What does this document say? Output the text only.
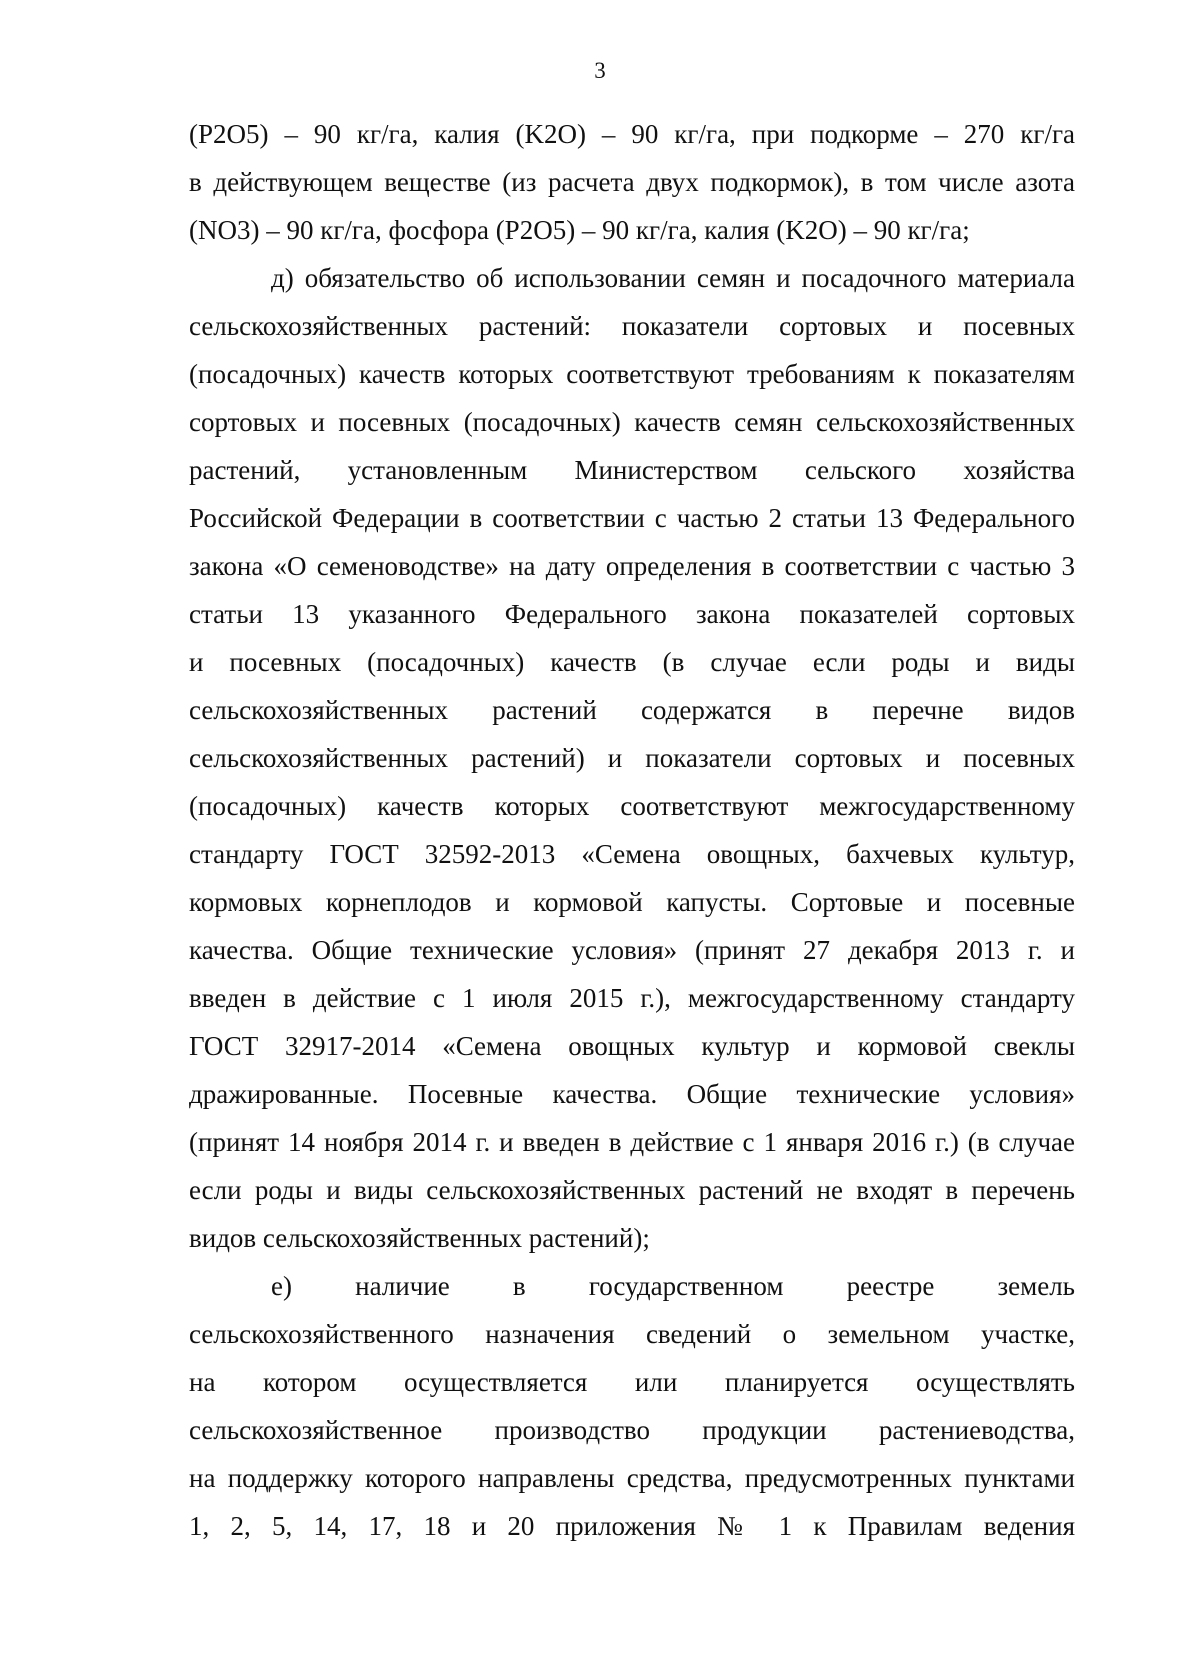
3

(P2O5) – 90 кг/га, калия (K2O) – 90 кг/га, при подкорме – 270 кг/га
в действующем веществе (из расчета двух подкормок), в том числе азота
(NO3) – 90 кг/га, фосфора (P2O5) – 90 кг/га, калия (K2O) – 90 кг/га;

д) обязательство об использовании семян и посадочного материала
сельскохозяйственных растений: показатели сортовых и посевных
(посадочных) качеств которых соответствуют требованиям к показателям
сортовых и посевных (посадочных) качеств семян сельскохозяйственных
растений, установленным Министерством сельского хозяйства
Российской Федерации в соответствии с частью 2 статьи 13 Федерального
закона «О семеноводстве» на дату определения в соответствии с частью 3
статьи 13 указанного Федерального закона показателей сортовых
и посевных (посадочных) качеств (в случае если роды и виды
сельскохозяйственных растений содержатся в перечне видов
сельскохозяйственных растений) и показатели сортовых и посевных
(посадочных) качеств которых соответствуют межгосударственному
стандарту ГОСТ 32592-2013 «Семена овощных, бахчевых культур,
кормовых корнеплодов и кормовой капусты. Сортовые и посевные
качества. Общие технические условия» (принят 27 декабря 2013 г. и
введен в действие с 1 июля 2015 г.), межгосударственному стандарту
ГОСТ 32917-2014 «Семена овощных культур и кормовой свеклы
дражированные. Посевные качества. Общие технические условия»
(принят 14 ноября 2014 г. и введен в действие с 1 января 2016 г.) (в случае
если роды и виды сельскохозяйственных растений не входят в перечень
видов сельскохозяйственных растений);

е) наличие в государственном реестре земель
сельскохозяйственного назначения сведений о земельном участке,
на котором осуществляется или планируется осуществлять
сельскохозяйственное производство продукции растениеводства,
на поддержку которого направлены средства, предусмотренных пунктами
1, 2, 5, 14, 17, 18 и 20 приложения № 1 к Правилам ведения
